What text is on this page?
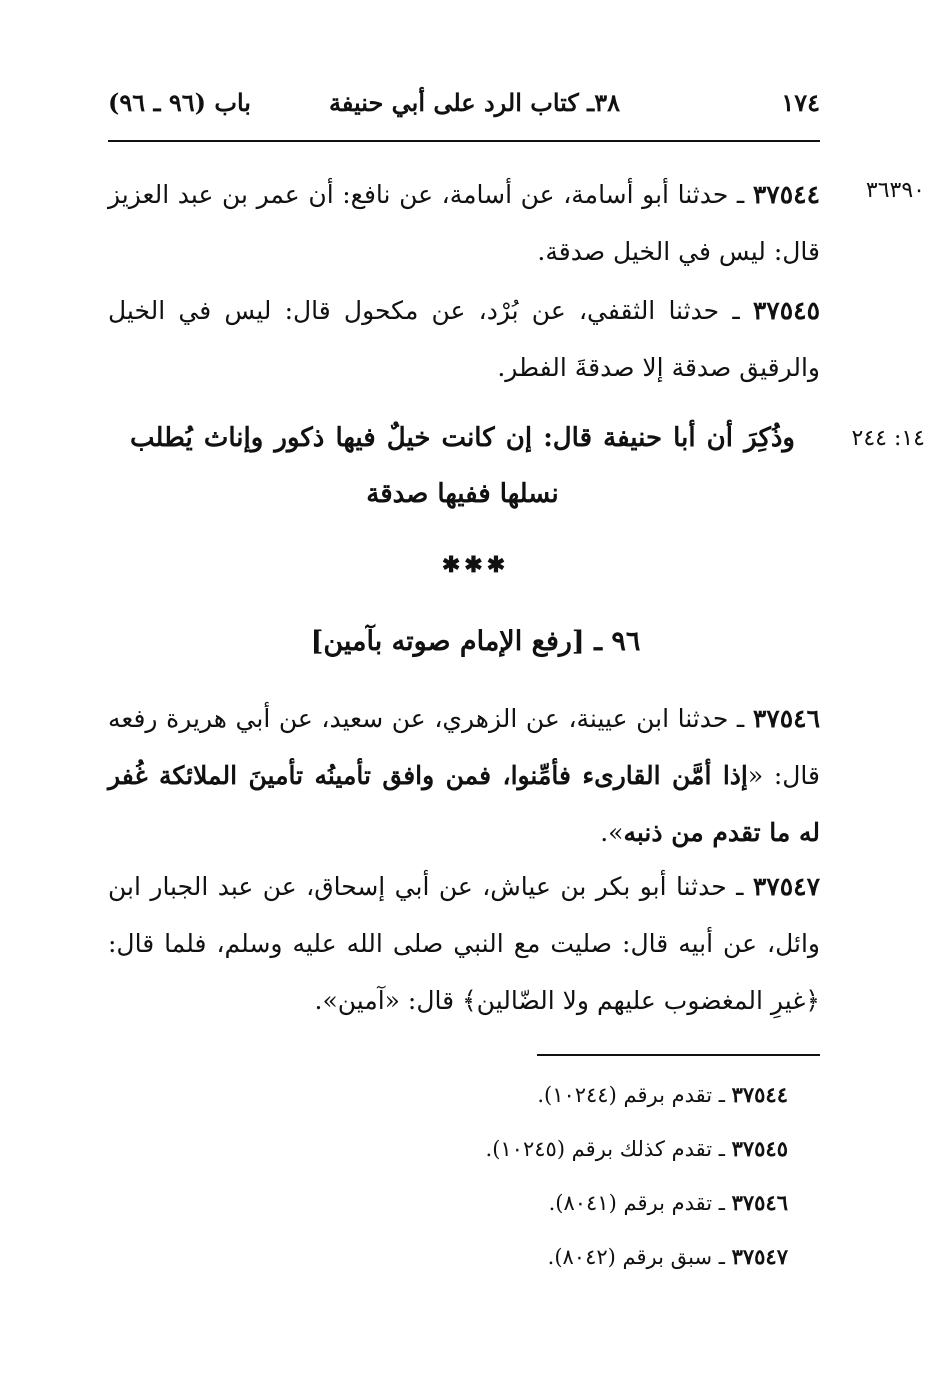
١٧٤
٣٨ـ كتاب الرد على أبي حنيفة
باب (٩٦ ـ ٩٦)
٣٦٣٩٠
٣٧٥٤٤ ـ حدثنا أبو أسامة، عن أسامة، عن نافع: أن عمر بن عبد العزيز قال: ليس في الخيل صدقة.
٣٧٥٤٥ ـ حدثنا الثقفي، عن بُرْد، عن مكحول قال: ليس في الخيل والرقيق صدقة إلا صدقةَ الفطر.
١٤: ٢٤٤
وذُكِرَ أن أبا حنيفة قال: إن كانت خيلٌ فيها ذكور وإناث يُطلب نسلها ففيها صدقة
✱✱✱
٩٦ ـ [رفع الإمام صوته بآمين]
٣٧٥٤٦ ـ حدثنا ابن عيينة، عن الزهري، عن سعيد، عن أبي هريرة رفعه قال: «إذا أمَّن القارىء فأمِّنوا، فمن وافق تأمينُه تأمينَ الملائكة غُفر له ما تقدم من ذنبه».
٣٧٥٤٧ ـ حدثنا أبو بكر بن عياش، عن أبي إسحاق، عن عبد الجبار ابن وائل، عن أبيه قال: صليت مع النبي صلى الله عليه وسلم، فلما قال: ﴿غيرِ المغضوب عليهم ولا الضّالين﴾ قال: «آمين».
٣٧٥٤٤ ـ تقدم برقم (١٠٢٤٤).
٣٧٥٤٥ ـ تقدم كذلك برقم (١٠٢٤٥).
٣٧٥٤٦ ـ تقدم برقم (٨٠٤١).
٣٧٥٤٧ ـ سبق برقم (٨٠٤٢).
